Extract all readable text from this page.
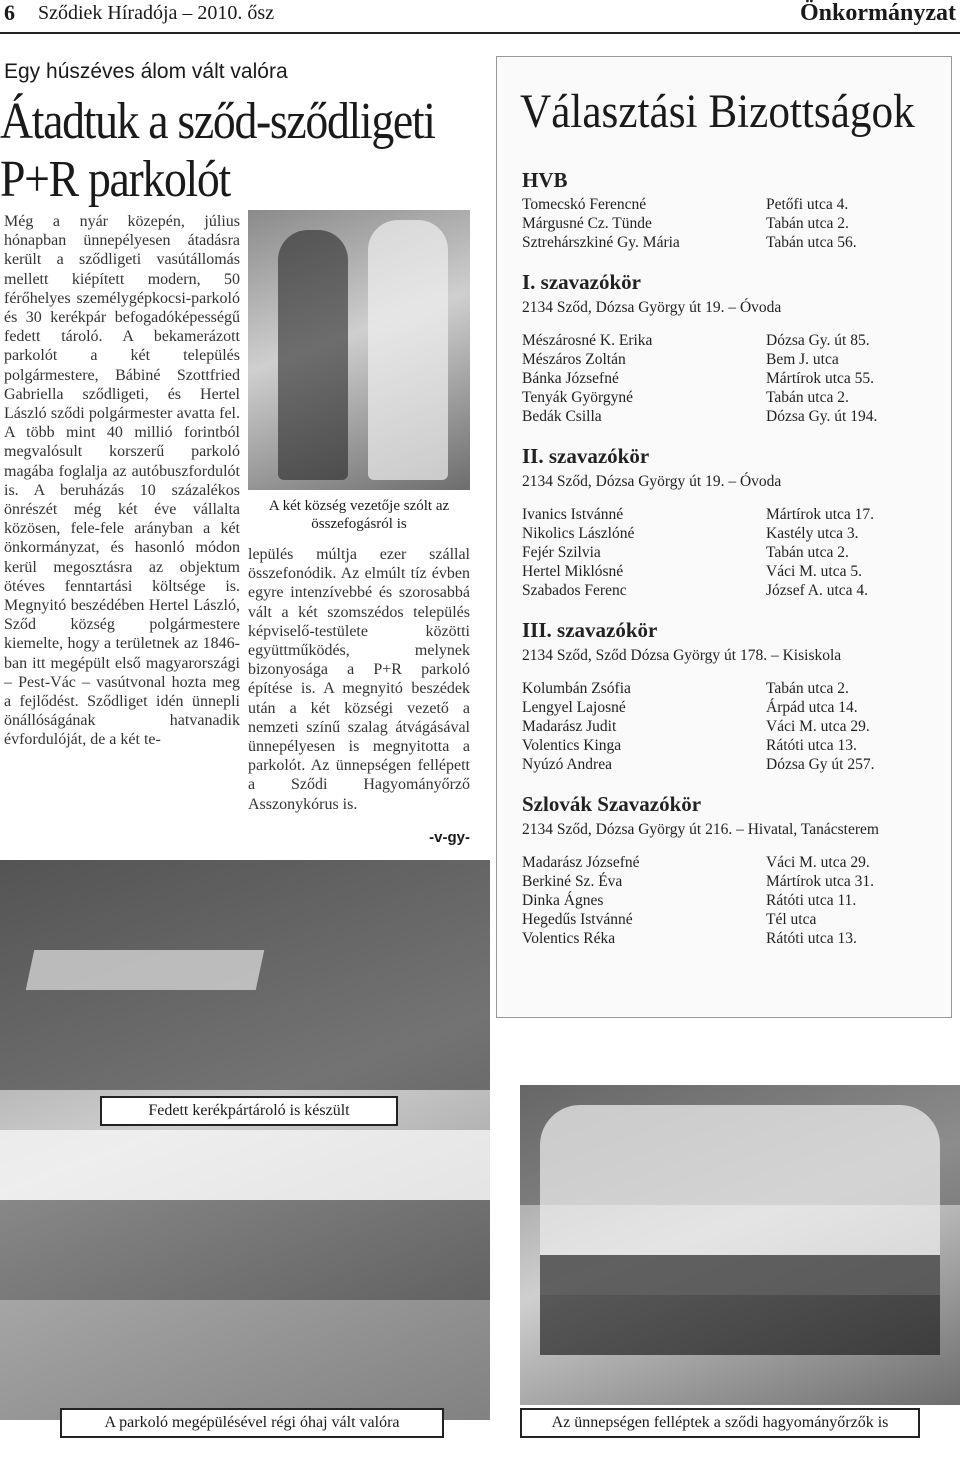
6 Sződiek Híradója – 2010. ősz	Önkormányzat
Egy húszéves álom vált valóra
Átadtuk a sződ-sződligeti
P+R parkolót
Még a nyár közepén, július hónapban ünnepélyesen átadásra került a sződligeti vasútállomás mellett kiépített modern, 50 férőhelyes személygépkocsi-parkoló és 30 kerékpár befogadóképességű fedett tároló. A bekamerázott parkolót a két település polgármestere, Bábiné Szottfried Gabriella sződligeti, és Hertel László sződi polgármester avatta fel. A több mint 40 millió forintból megvalósult korszerű parkoló magába foglalja az autóbuszfordulót is. A beruházás 10 százalékos önrészét még két éve vállalta közösen, fele-fele arányban a két önkormányzat, és hasonló módon kerül megosztásra az objektum ötéves fenntartási költsége is. Megnyitó beszédében Hertel László, Sződ község polgármestere kiemelte, hogy a területnek az 1846-ban itt megépült első magyarországi – Pest-Vác – vasútvonal hozta meg a fejlődést. Sződliget idén ünnepli önállóságának hatvanadik évfordulóját, de a két te-
A két község vezetője szólt az összefogásról is
lepülés múltja ezer szállal összefonódik. Az elmúlt tíz évben egyre intenzívebbé és szorosabbá vált a két szomszédos település képviselő-testülete közötti együttműködés, melynek bizonyosága a P+R parkoló építése is. A megnyitó beszédek után a két községi vezető a nemzeti színű szalag átvágásával ünnepélyesen is megnyitotta a parkolót. Az ünnepségen fellépett a Sződi Hagyományőrző Asszonykórus is.
-v-gy-
Fedett kerékpártároló is készült
A parkoló megépülésével régi óhaj vált valóra	Az ünnepségen felléptek a sződi hagyományőrzők is
Választási Bizottságok
HVB
Tomecskó Ferencné	Petőfi utca 4.
Márgusné Cz. Tünde	Tabán utca 2.
Sztrehárszkiné Gy. Mária	Tabán utca 56.
I. szavazókör
2134 Sződ, Dózsa György út 19. – Óvoda
Mészárosné K. Erika	Dózsa Gy. út 85.
Mészáros Zoltán	Bem J. utca
Bánka Józsefné	Mártírok utca 55.
Tenyák Györgyné	Tabán utca 2.
Bedák Csilla	Dózsa Gy. út 194.
II. szavazókör
2134 Sződ, Dózsa György út 19. – Óvoda
Ivanics Istvánné	Mártírok utca 17.
Nikolics Lászlóné	Kastély utca 3.
Fejér Szilvia	Tabán utca 2.
Hertel Miklósné	Váci M. utca 5.
Szabados Ferenc	József A. utca 4.
III. szavazókör
2134 Sződ, Sződ Dózsa György út 178. – Kisiskola
Kolumbán Zsófia	Tabán utca 2.
Lengyel Lajosné	Árpád utca 14.
Madarász Judit	Váci M. utca 29.
Volentics Kinga	Rátóti utca 13.
Nyúzó Andrea	Dózsa Gy út 257.
Szlovák Szavazókör
2134 Sződ, Dózsa György út 216. – Hivatal, Tanácsterem
Madarász Józsefné	Váci M. utca 29.
Berkiné Sz. Éva	Mártírok utca 31.
Dinka Ágnes	Rátóti utca 11.
Hegedűs Istvánné	Tél utca
Volentics Réka	Rátóti utca 13.
